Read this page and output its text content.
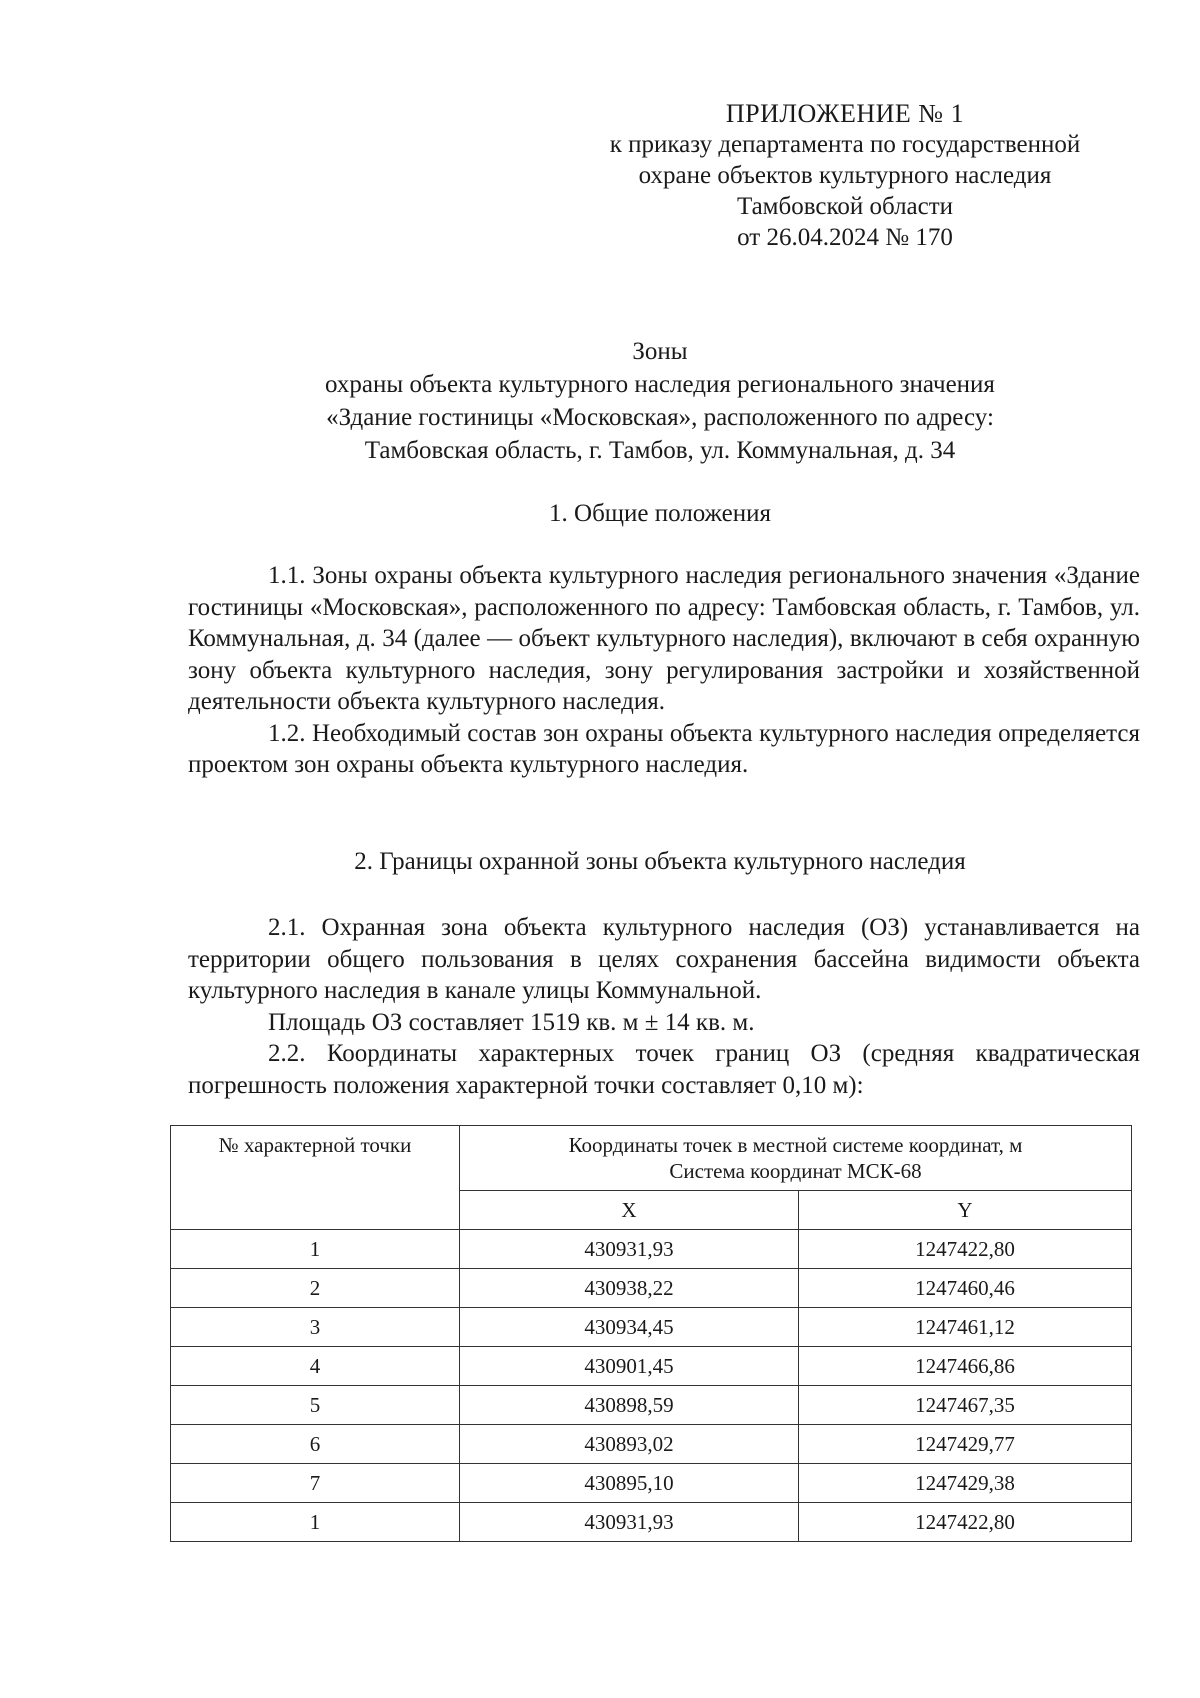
ПРИЛОЖЕНИЕ № 1
к приказу департамента по государственной
охране объектов культурного наследия
Тамбовской области
от 26.04.2024 № 170
Зоны
охраны объекта культурного наследия регионального значения
«Здание гостиницы «Московская», расположенного по адресу:
Тамбовская область, г. Тамбов, ул. Коммунальная, д. 34
1. Общие положения

1.1. Зоны охраны объекта культурного наследия регионального значения «Здание гостиницы «Московская», расположенного по адресу: Тамбовская область, г. Тамбов, ул. Коммунальная, д. 34 (далее — объект культурного наследия), включают в себя охранную зону объекта культурного наследия, зону регулирования застройки и хозяйственной деятельности объекта культурного наследия.

1.2. Необходимый состав зон охраны объекта культурного наследия определяется проектом зон охраны объекта культурного наследия.

2. Границы охранной зоны объекта культурного наследия

2.1. Охранная зона объекта культурного наследия (ОЗ) устанавливается на территории общего пользования в целях сохранения бассейна видимости объекта культурного наследия в канале улицы Коммунальной.

Площадь ОЗ составляет 1519 кв. м ± 14 кв. м.

2.2. Координаты характерных точек границ ОЗ (средняя квадратическая погрешность положения характерной точки составляет 0,10 м):

№ характерной точки	Координаты точек в местной системе координат, м
Система координат МСК-68	

	X	Y
1	430931,93	1247422,80
2	430938,22	1247460,46
3	430934,45	1247461,12
4	430901,45	1247466,86
5	430898,59	1247467,35
6	430893,02	1247429,77
7	430895,10	1247429,38
1	430931,93	1247422,80
